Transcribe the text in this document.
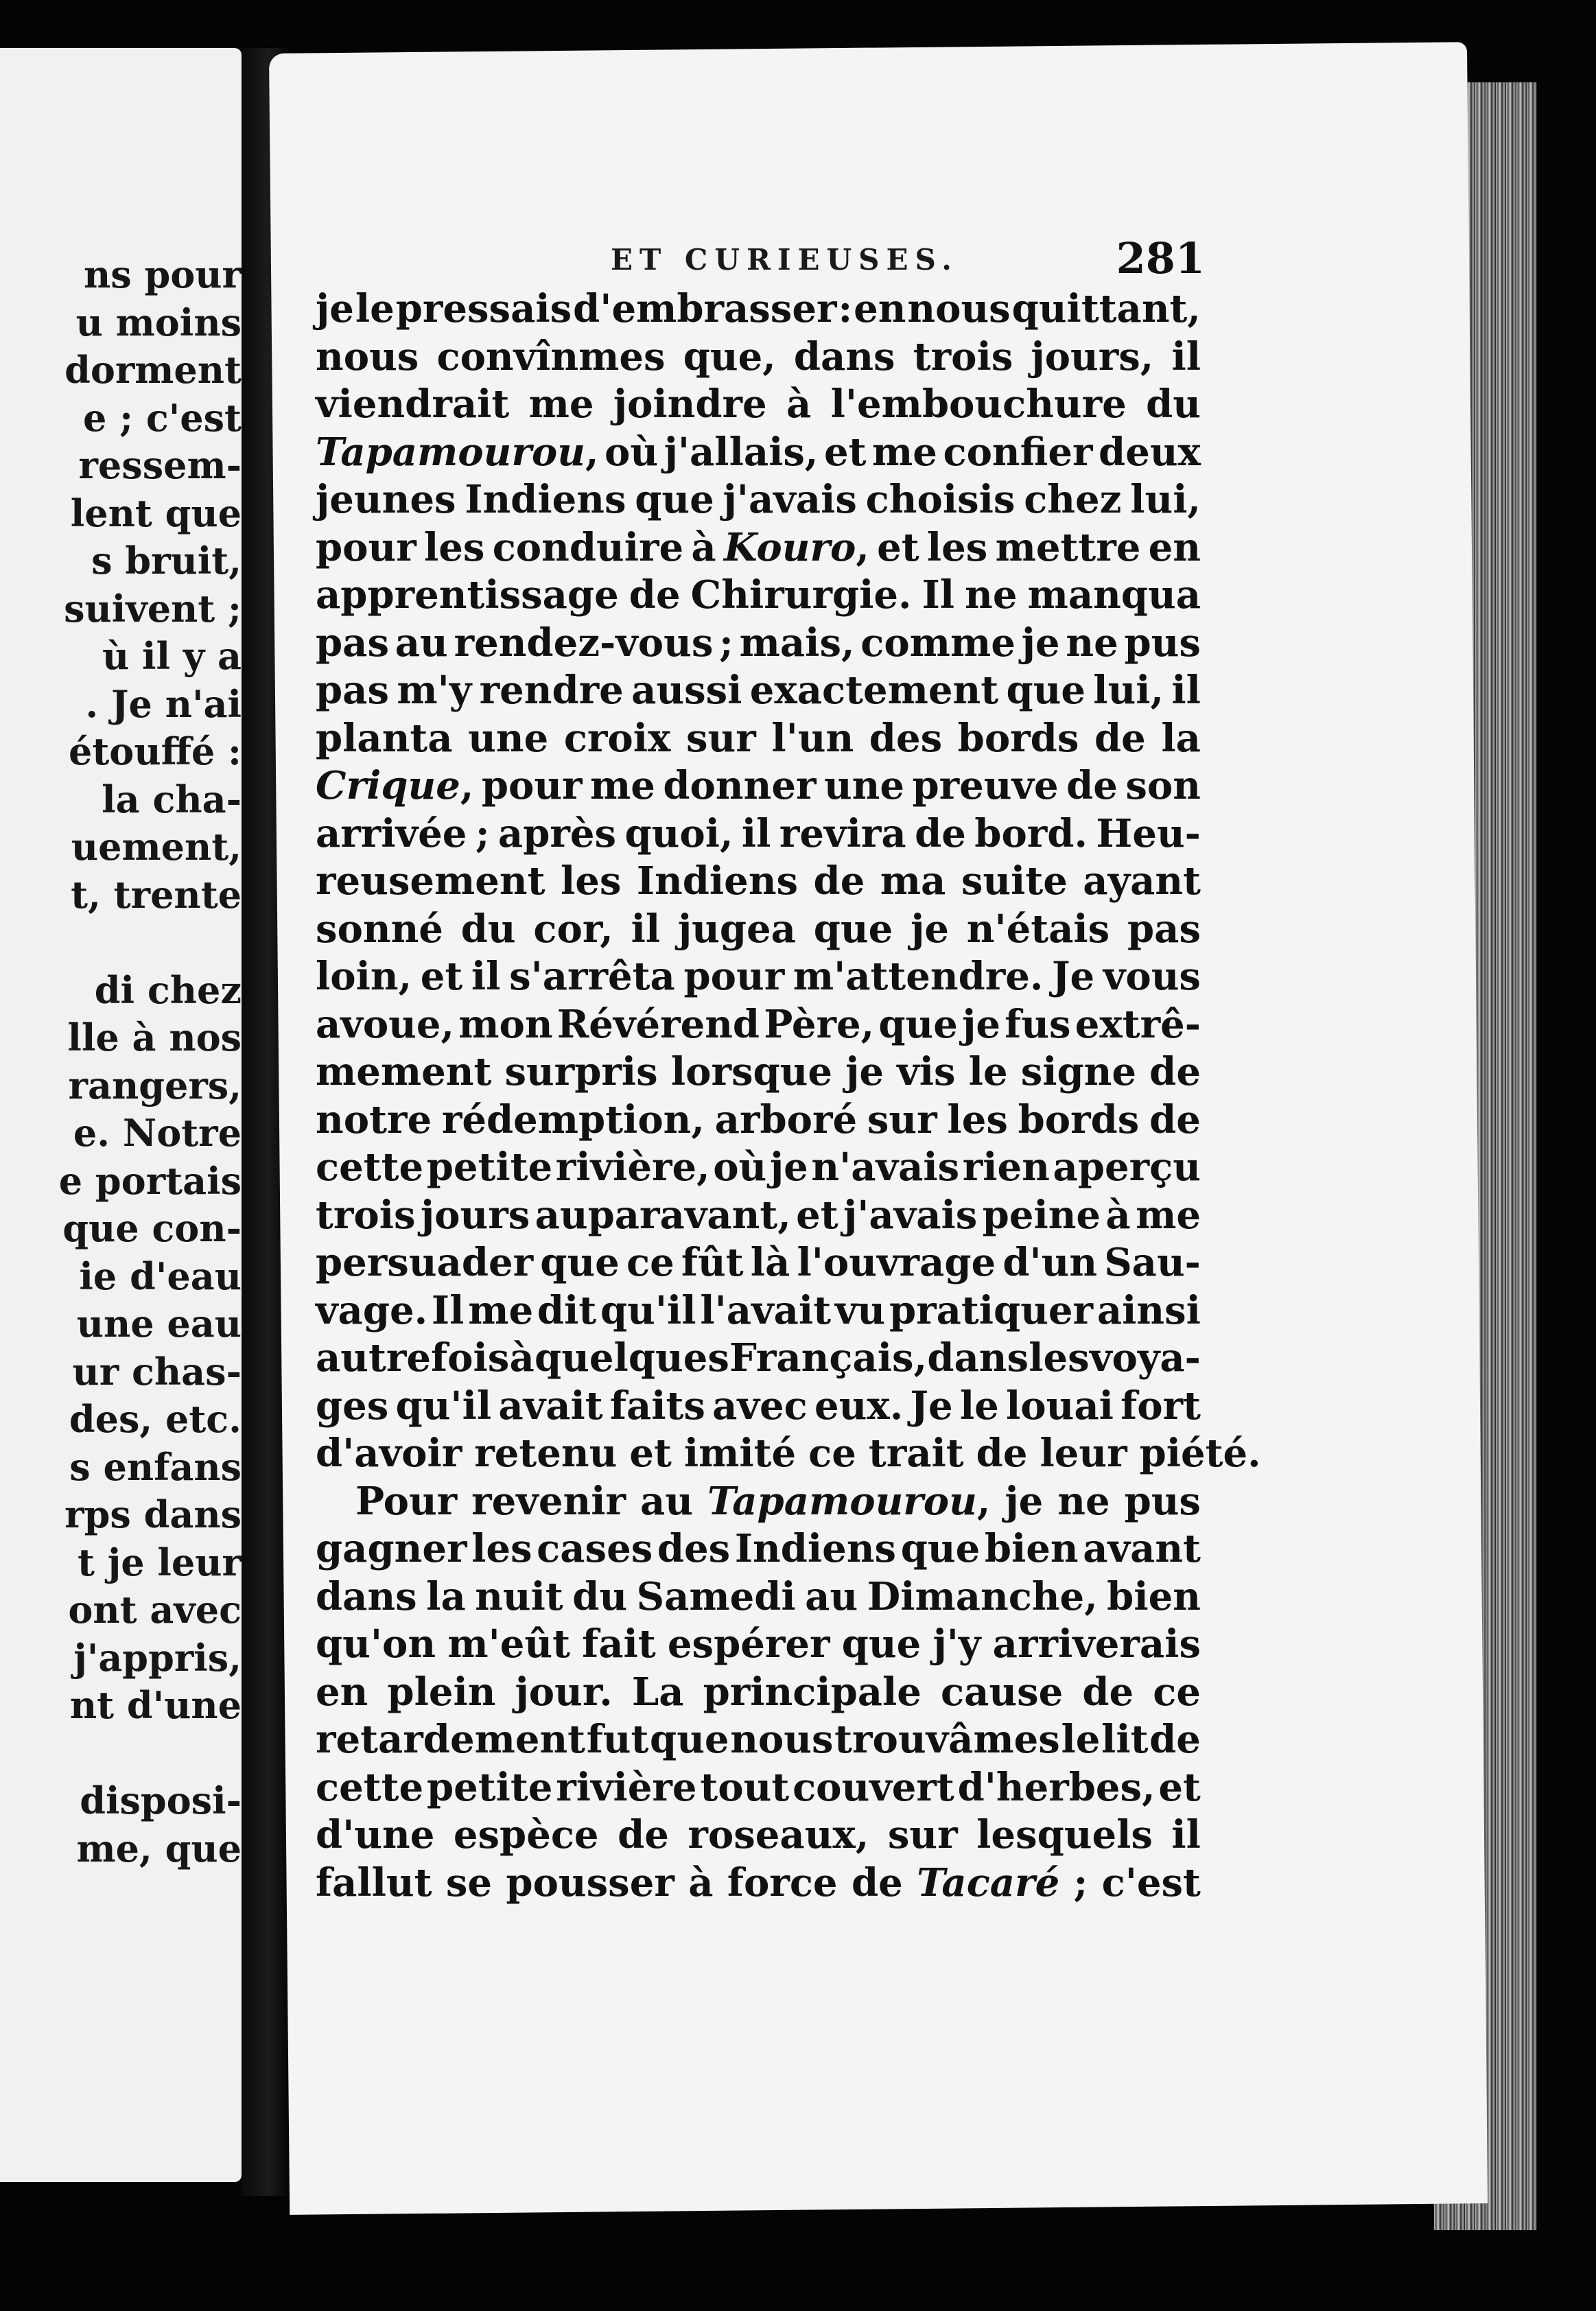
ns pour
u moins
dorment
e ; c'est
ressem-
lent que
s bruit,
suivent ;
ù il y a
. Je n'ai
étouffé :
la cha-
uement,
t, trente
di chez
lle à nos
rangers,
e. Notre
e portais
que con-
ie d'eau
une eau
ur chas-
des, etc.
s enfans
rps dans
t je leur
ont avec
j'appris,
nt d'une
disposi-
me, que
ET CURIEUSES.	281
je le pressais d'embrasser : en nous quittant,
nous convînmes que, dans trois jours, il
viendrait me joindre à l'embouchure du
Tapamourou, où j'allais, et me confier deux
jeunes Indiens que j'avais choisis chez lui,
pour les conduire à Kouro, et les mettre en
apprentissage de Chirurgie. Il ne manqua
pas au rendez-vous ; mais, comme je ne pus
pas m'y rendre aussi exactement que lui, il
planta une croix sur l'un des bords de la
Crique, pour me donner une preuve de son
arrivée ; après quoi, il revira de bord. Heu-
reusement les Indiens de ma suite ayant
sonné du cor, il jugea que je n'étais pas
loin, et il s'arrêta pour m'attendre. Je vous
avoue, mon Révérend Père, que je fus extrê-
mement surpris lorsque je vis le signe de
notre rédemption, arboré sur les bords de
cette petite rivière, où je n'avais rien aperçu
trois jours auparavant, et j'avais peine à me
persuader que ce fût là l'ouvrage d'un Sau-
vage. Il me dit qu'il l'avait vu pratiquer ainsi
autrefois à quelques Français, dans les voya-
ges qu'il avait faits avec eux. Je le louai fort
d'avoir retenu et imité ce trait de leur piété.
Pour revenir au Tapamourou, je ne pus
gagner les cases des Indiens que bien avant
dans la nuit du Samedi au Dimanche, bien
qu'on m'eût fait espérer que j'y arriverais
en plein jour. La principale cause de ce
retardement fut que nous trouvâmes le lit de
cette petite rivière tout couvert d'herbes, et
d'une espèce de roseaux, sur lesquels il
fallut se pousser à force de Tacaré ; c'est
